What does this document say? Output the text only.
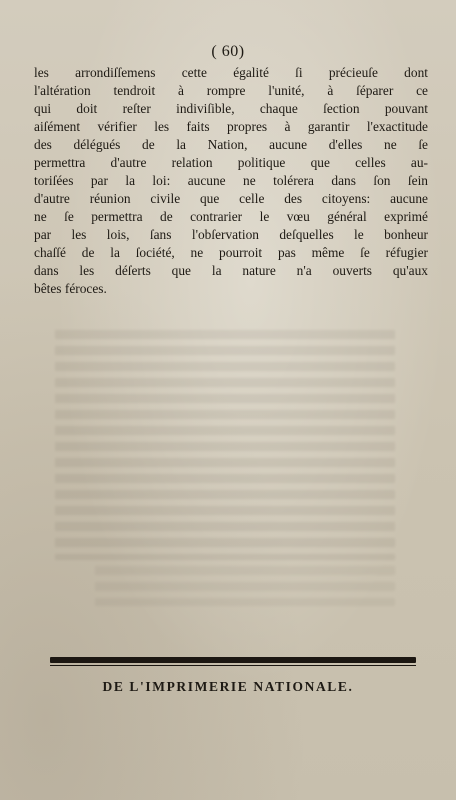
( 60)

les arrondiſſemens cette égalité ſi précieuſe dont
l'altération tendroit à rompre l'unité, à ſéparer ce
qui doit reſter indiviſible, chaque ſection pouvant
aiſément vérifier les faits propres à garantir l'exactitude
des délégués de la Nation, aucune d'elles ne ſe
permettra d'autre relation politique que celles au-
toriſées par la loi: aucune ne tolérera dans ſon ſein
d'autre réunion civile que celle des citoyens: aucune
ne ſe permettra de contrarier le vœu général exprimé
par les lois, ſans l'obſervation deſquelles le bonheur
chaſſé de la ſociété, ne pourroit pas même ſe réfugier
dans les déſerts que la nature n'a ouverts qu'aux
bêtes féroces.

DE L'IMPRIMERIE NATIONALE.
